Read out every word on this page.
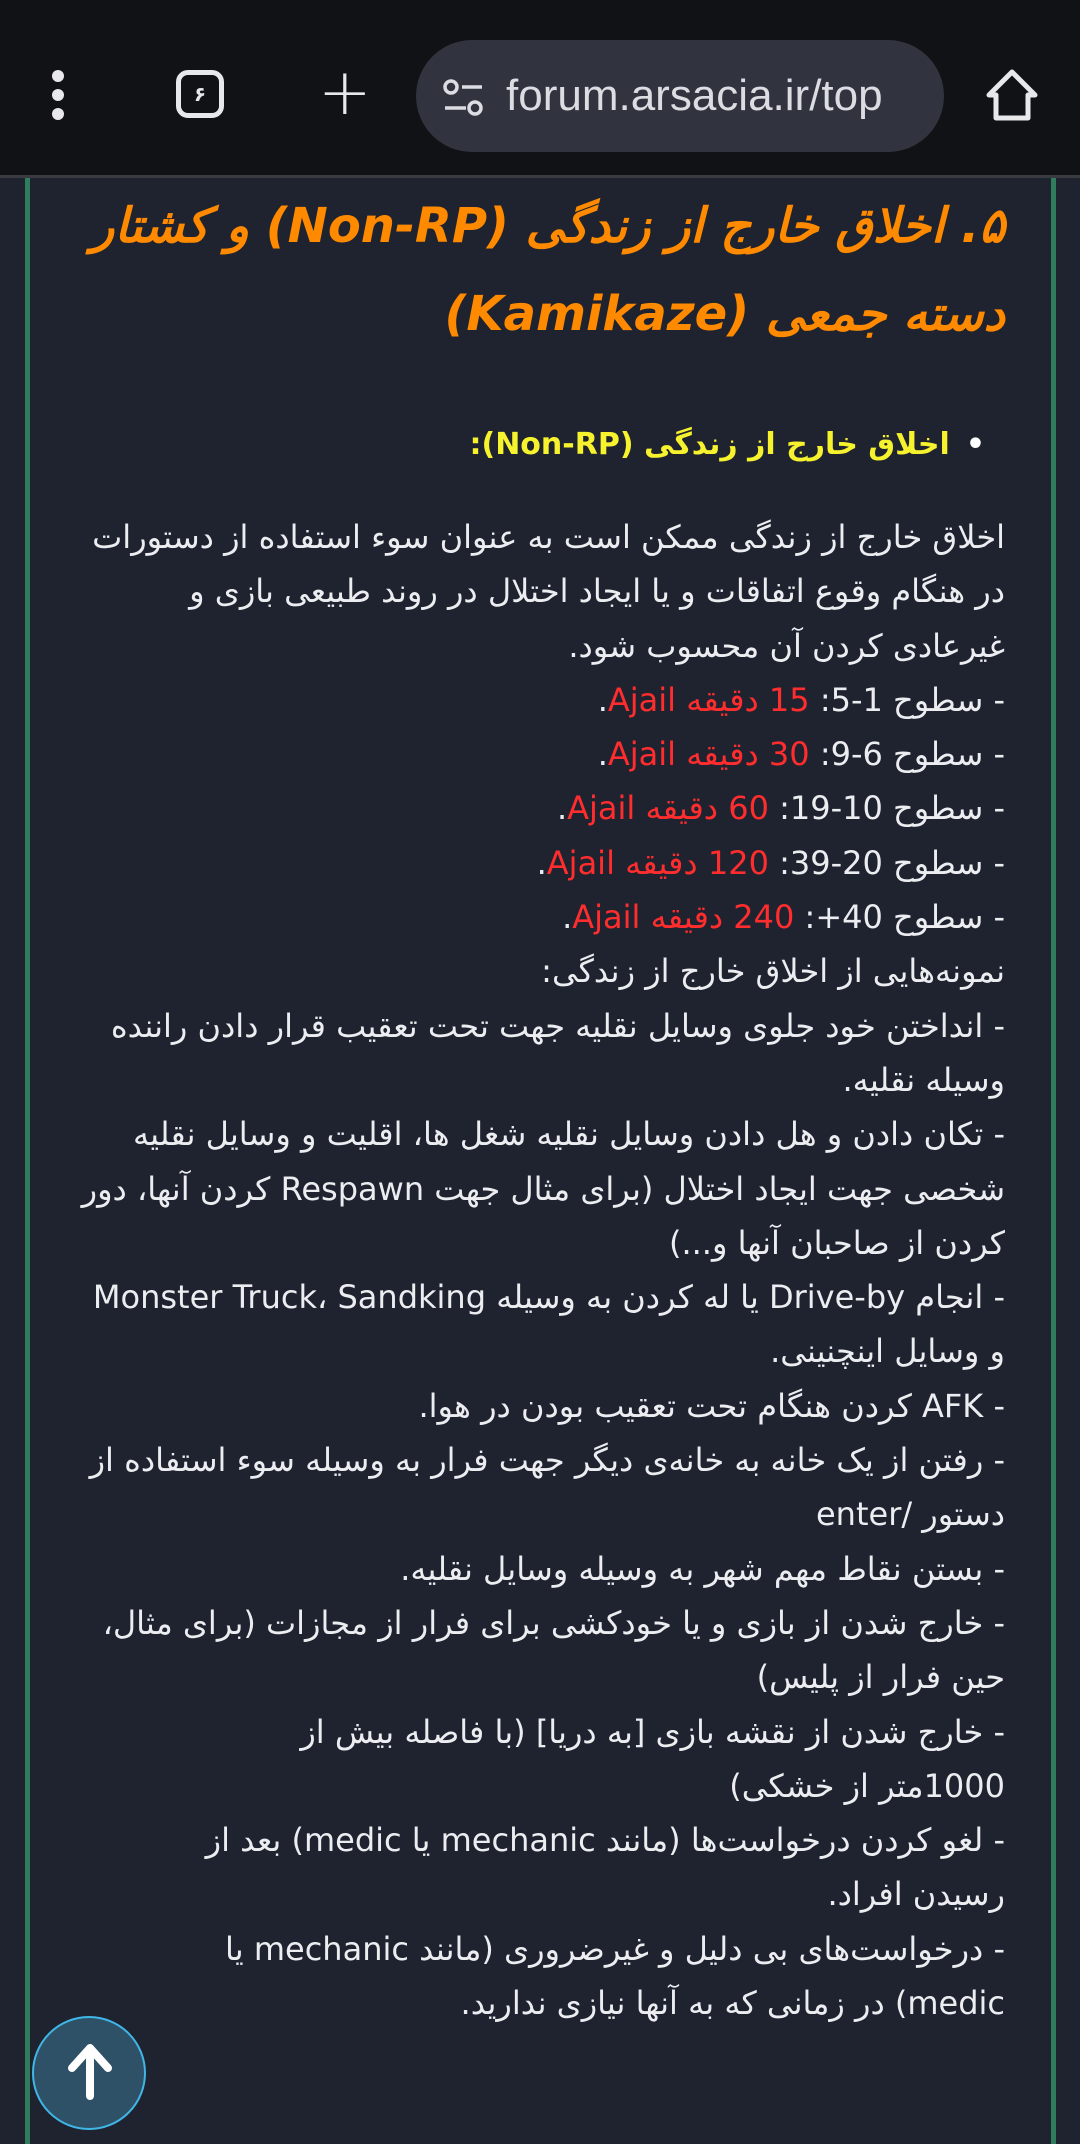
۶ +	forum.arsacia.ir/top
۵. اخلاق خارج از زندگی (Non-RP) و کشتار دسته جمعی (Kamikaze)
• اخلاق خارج از زندگی (Non-RP):

اخلاق خارج از زندگی ممکن است به عنوان سوء استفاده از دستورات در هنگام وقوع اتفاقات و یا ایجاد اختلال در روند طبیعی بازی و غیرعادی کردن آن محسوب شود.

- سطوح 1-5: 15 دقیقه Ajail.

- سطوح 6-9: 30 دقیقه Ajail.

- سطوح 10-19: 60 دقیقه Ajail.

- سطوح 20-39: 120 دقیقه Ajail.

- سطوح 40+: 240 دقیقه Ajail.

نمونه‌هایی از اخلاق خارج از زندگی:

- انداختن خود جلوی وسایل نقلیه جهت تحت تعقیب قرار دادن راننده وسیله نقلیه.

- تکان دادن و هل دادن وسایل نقلیه شغل ها، اقلیت و وسایل نقلیه شخصی جهت ایجاد اختلال (برای مثال جهت Respawn کردن آنها، دور کردن از صاحبان آنها و...)

- انجام Drive-by یا له کردن به وسیله Monster Truck، Sandking و وسایل اینچنینی.

- AFK کردن هنگام تحت تعقیب بودن در هوا.

- رفتن از یک خانه به خانه‌ی دیگر جهت فرار به وسیله سوء استفاده از دستور /enter

- بستن نقاط مهم شهر به وسیله وسایل نقلیه.

- خارج شدن از بازی و یا خودکشی برای فرار از مجازات (برای مثال، حین فرار از پلیس)

- خارج شدن از نقشه بازی [به دریا] (با فاصله بیش از 1000متر از خشکی)

- لغو کردن درخواست‌ها (مانند mechanic یا medic) بعد از رسیدن افراد.

- درخواست‌های بی دلیل و غیرضروری (مانند mechanic یا medic) در زمانی که به آنها نیازی ندارید.
